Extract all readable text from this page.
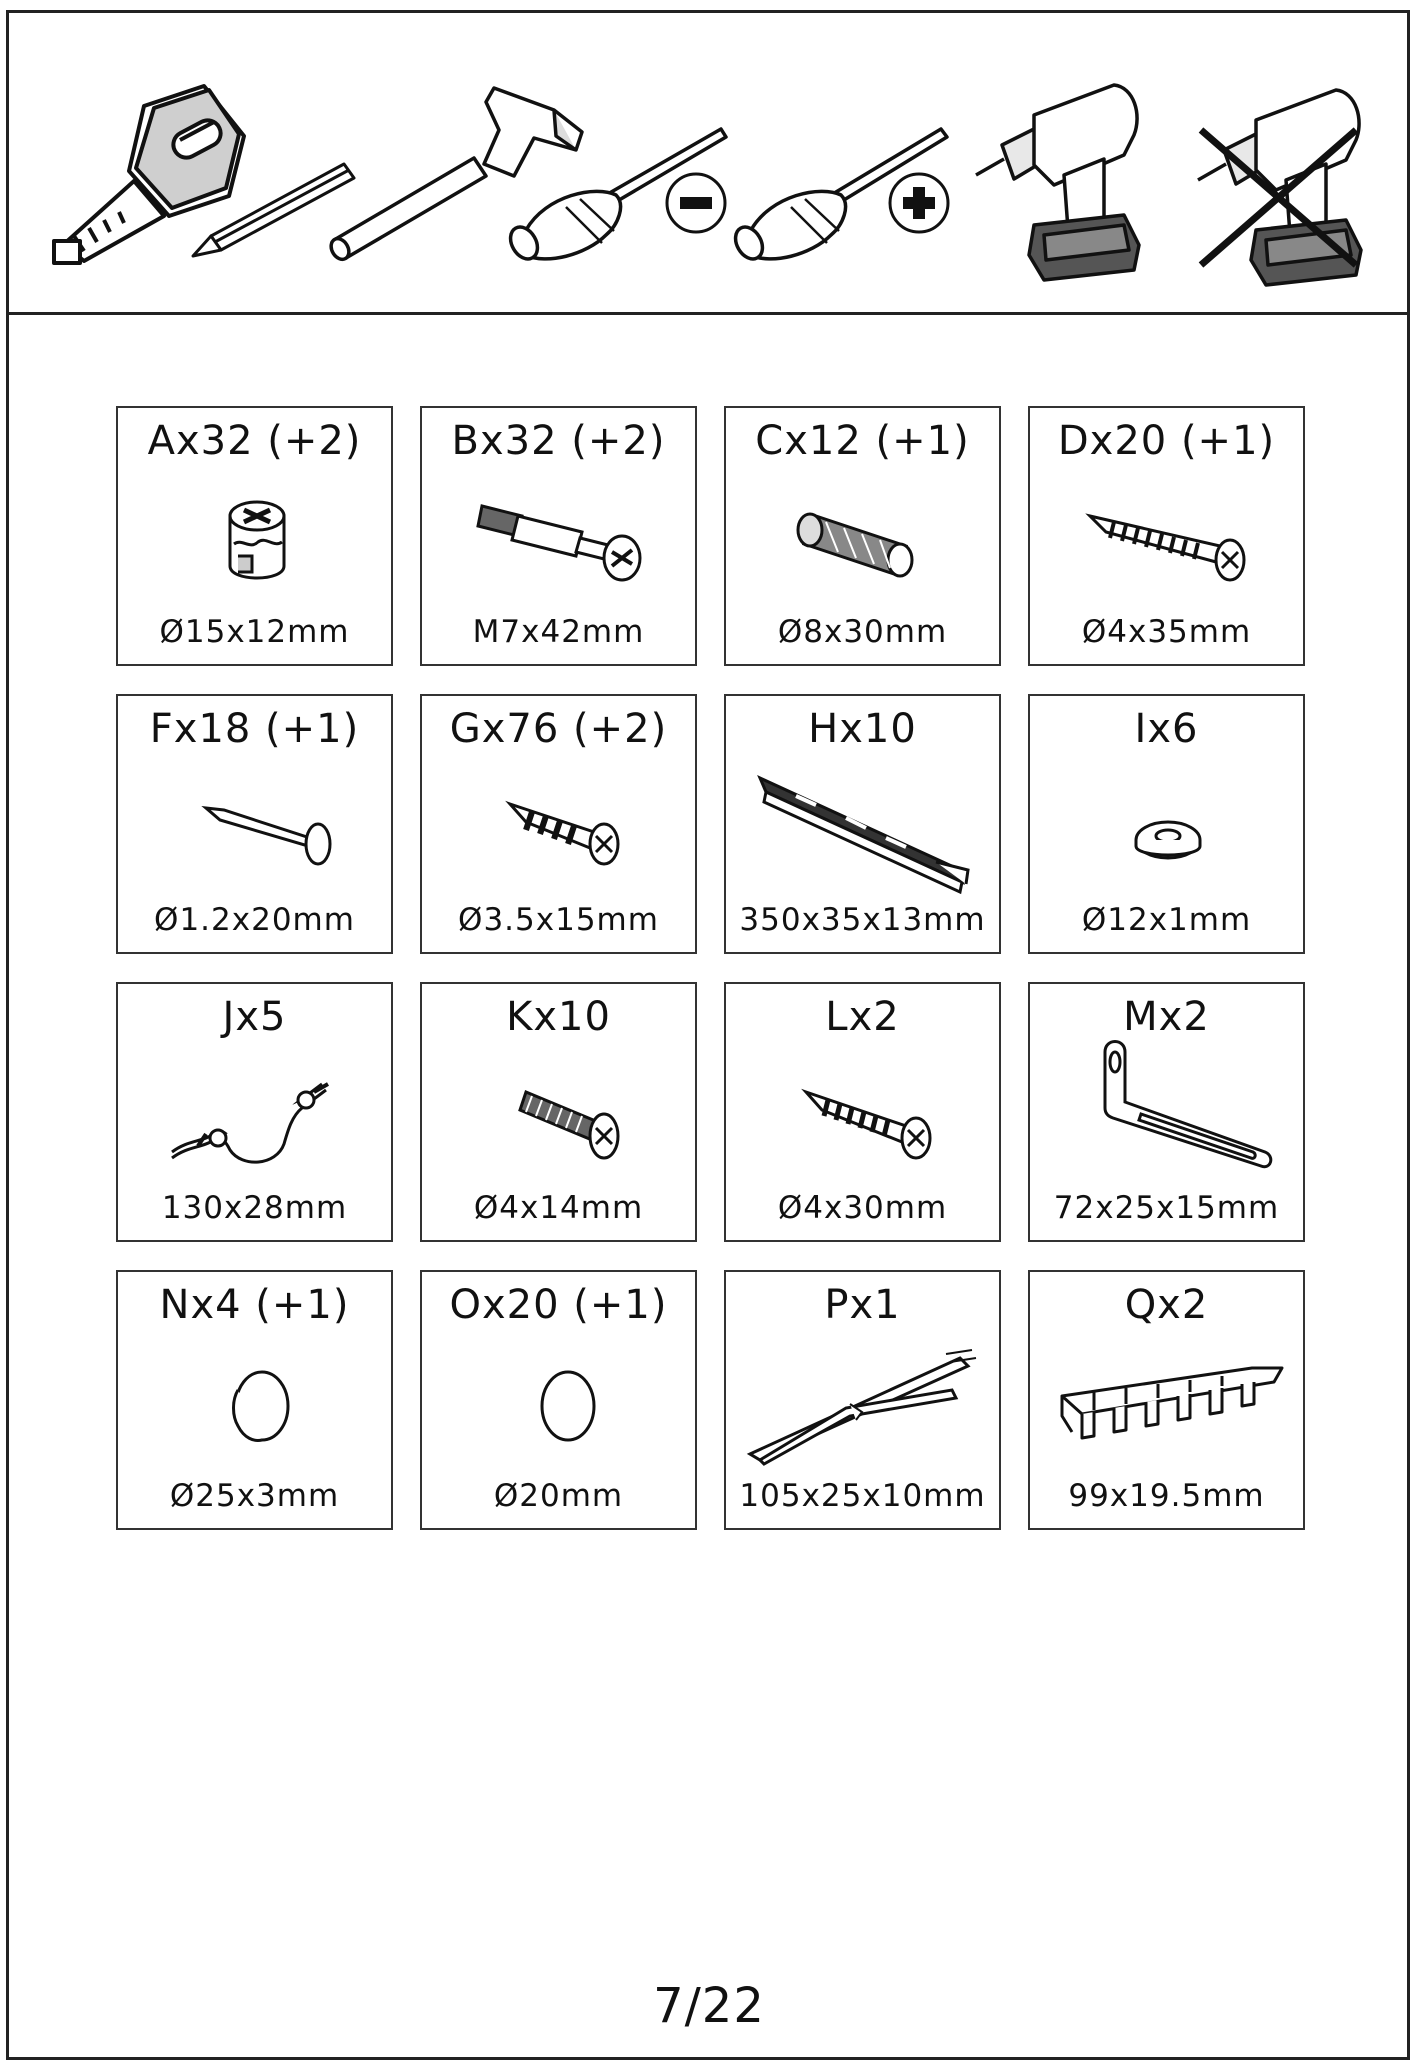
Ax32 (+2)
Ø15x12mm
Bx32 (+2)
M7x42mm
Cx12 (+1)
Ø8x30mm
Dx20 (+1)
Ø4x35mm
Fx18 (+1)
Ø1.2x20mm
Gx76 (+2)
Ø3.5x15mm
Hx10
350x35x13mm
Ix6
Ø12x1mm
Jx5
130x28mm
Kx10
Ø4x14mm
Lx2
Ø4x30mm
Mx2
72x25x15mm
Nx4 (+1)
Ø25x3mm
Ox20 (+1)
Ø20mm
Px1
105x25x10mm
Qx2
99x19.5mm
7/22
